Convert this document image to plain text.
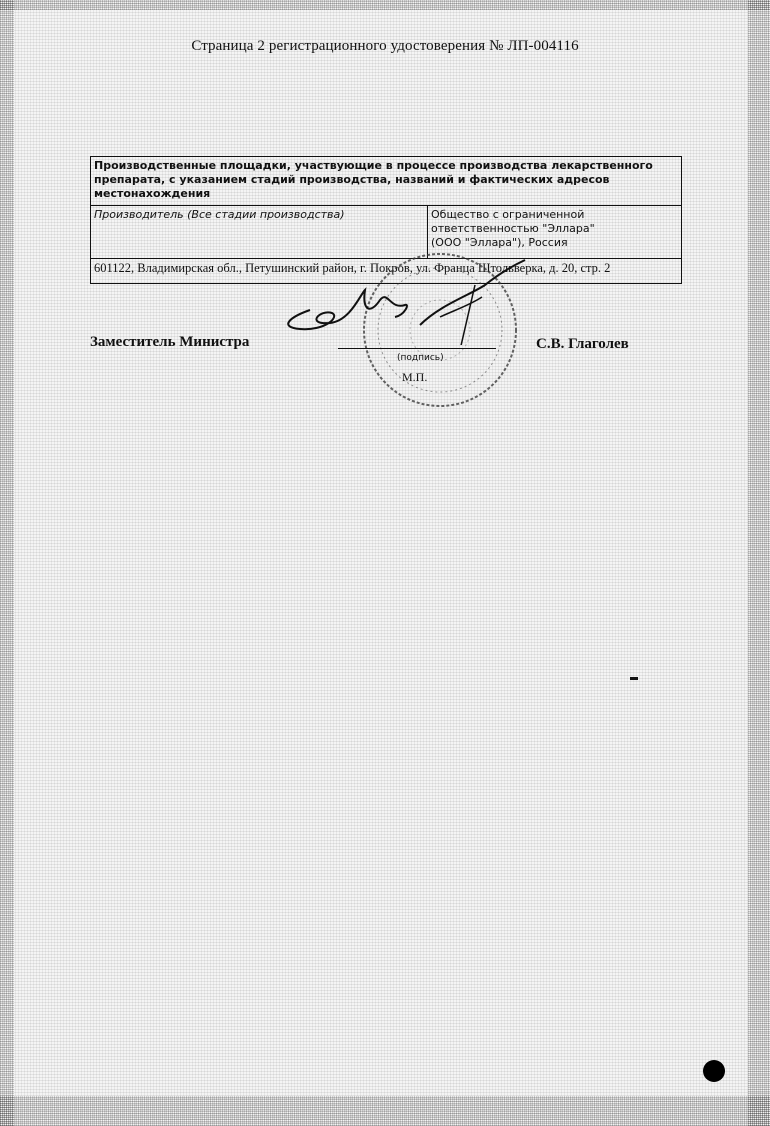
Страница 2 регистрационного удостоверения № ЛП-004116
Производственные площадки, участвующие в процессе производства лекарственного препарата, с указанием стадий производства, названий и фактических адресов местонахождения
Производитель (Все стадии производства)	Общество с ограниченной
ответственностью "Эллара"
(ООО "Эллара"), Россия

601122, Владимирская обл., Петушинский район, г. Покров, ул. Франца Штольверка, д. 20, стр. 2
Заместитель Министра	С.В. Глаголев
(подпись)
М.П.
